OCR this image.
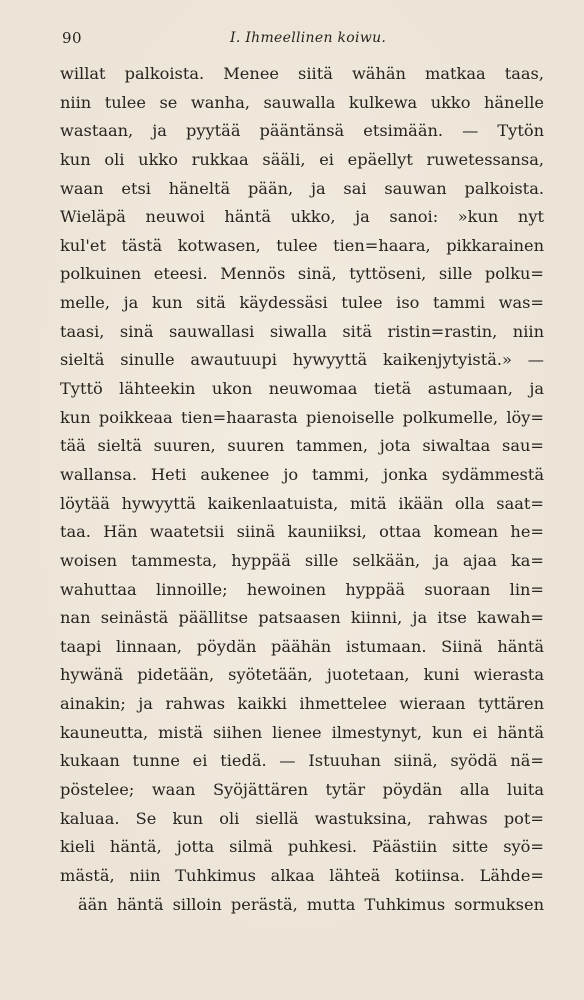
90	I. Ihmeellinen koiwu.
willat palkoista. Menee siitä wähän matkaa taas,
niin tulee se wanha, sauwalla kulkewa ukko hänelle
wastaan, ja pyytää pääntänsä etsimään. — Tytön
kun oli ukko rukkaa sääli, ei epäellyt ruwetessansa,
waan etsi häneltä pään, ja sai sauwan palkoista.
Wieläpä neuwoi häntä ukko, ja sanoi: »kun nyt
kul'et tästä kotwasen, tulee tien=haara, pikkarainen
polkuinen eteesi. Mennös sinä, tyttöseni, sille polku=
melle, ja kun sitä käydessäsi tulee iso tammi was=
taasi, sinä sauwallasi siwalla sitä ristin=rastin, niin
sieltä sinulle awautuupi hywyyttä kaikenjytyistä.» —
Tyttö lähteekin ukon neuwomaa tietä astumaan, ja
kun poikkeaa tien=haarasta pienoiselle polkumelle, löy=
tää sieltä suuren, suuren tammen, jota siwaltaa sau=
wallansa. Heti aukenee jo tammi, jonka sydämmestä
löytää hywyyttä kaikenlaatuista, mitä ikään olla saat=
taa. Hän waatetsii siinä kauniiksi, ottaa komean he=
woisen tammesta, hyppää sille selkään, ja ajaa ka=
wahuttaa linnoille; hewoinen hyppää suoraan lin=
nan seinästä päällitse patsaasen kiinni, ja itse kawah=
taapi linnaan, pöydän päähän istumaan. Siinä häntä
hywänä pidetään, syötetään, juotetaan, kuni wierasta
ainakin; ja rahwas kaikki ihmettelee wieraan tyttären
kauneutta, mistä siihen lienee ilmestynyt, kun ei häntä
kukaan tunne ei tiedä. — Istuuhan siinä, syödä nä=
pöstelee; waan Syöjättären tytär pöydän alla luita
kaluaa. Se kun oli siellä wastuksina, rahwas pot=
kieli häntä, jotta silmä puhkesi. Päästiin sitte syö=
mästä, niin Tuhkimus alkaa lähteä kotiinsa. Lähde=
ään häntä silloin perästä, mutta Tuhkimus sormuksen
